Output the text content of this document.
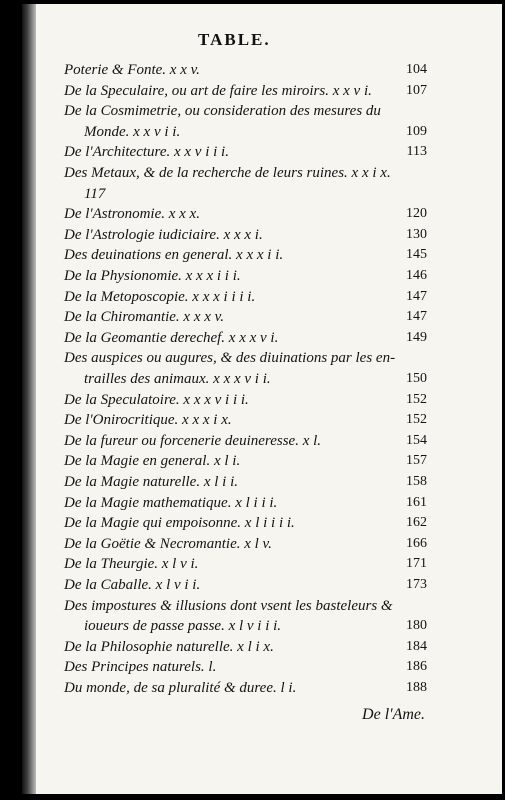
TABLE.
Poterie & Fonte. x x v.	104
De la Speculaire, ou art de faire les miroirs. x x v i. 107
De la Cosmimetrie, ou consideration des mesures du
Monde. x x v i i.	109
De l'Architecture. x x v i i i.	113
Des Metaux, & de la recherche de leurs ruines. x x i x.
117
De l'Astronomie. x x x.	120
De l'Astrologie iudiciaire. x x x i.	130
Des deuinations en general. x x x i i.	145
De la Physionomie. x x x i i i.	146
De la Metoposcopie. x x x i i i i.	147
De la Chiromantie. x x x v.	147
De la Geomantie derechef. x x x v i.	149
Des auspices ou augures, & des diuinations par les en-
trailles des animaux. x x x v i i.	150
De la Speculatoire. x x x v i i i.	152
De l'Onirocritique. x x x i x.	152
De la fureur ou forcenerie deuineresse. x l.	154
De la Magie en general. x l i.	157
De la Magie naturelle. x l i i.	158
De la Magie mathematique. x l i i i.	161
De la Magie qui empoisonne. x l i i i i.	162
De la Goëtie & Necromantie. x l v.	166
De la Theurgie. x l v i.	171
De la Caballe. x l v i i.	173
Des impostures & illusions dont vsent les basteleurs &
ioueurs de passe passe. x l v i i i.	180
De la Philosophie naturelle. x l i x.	184
Des Principes naturels. l.	186
Du monde, de sa pluralité & duree. l i.	188
De l'Ame.
